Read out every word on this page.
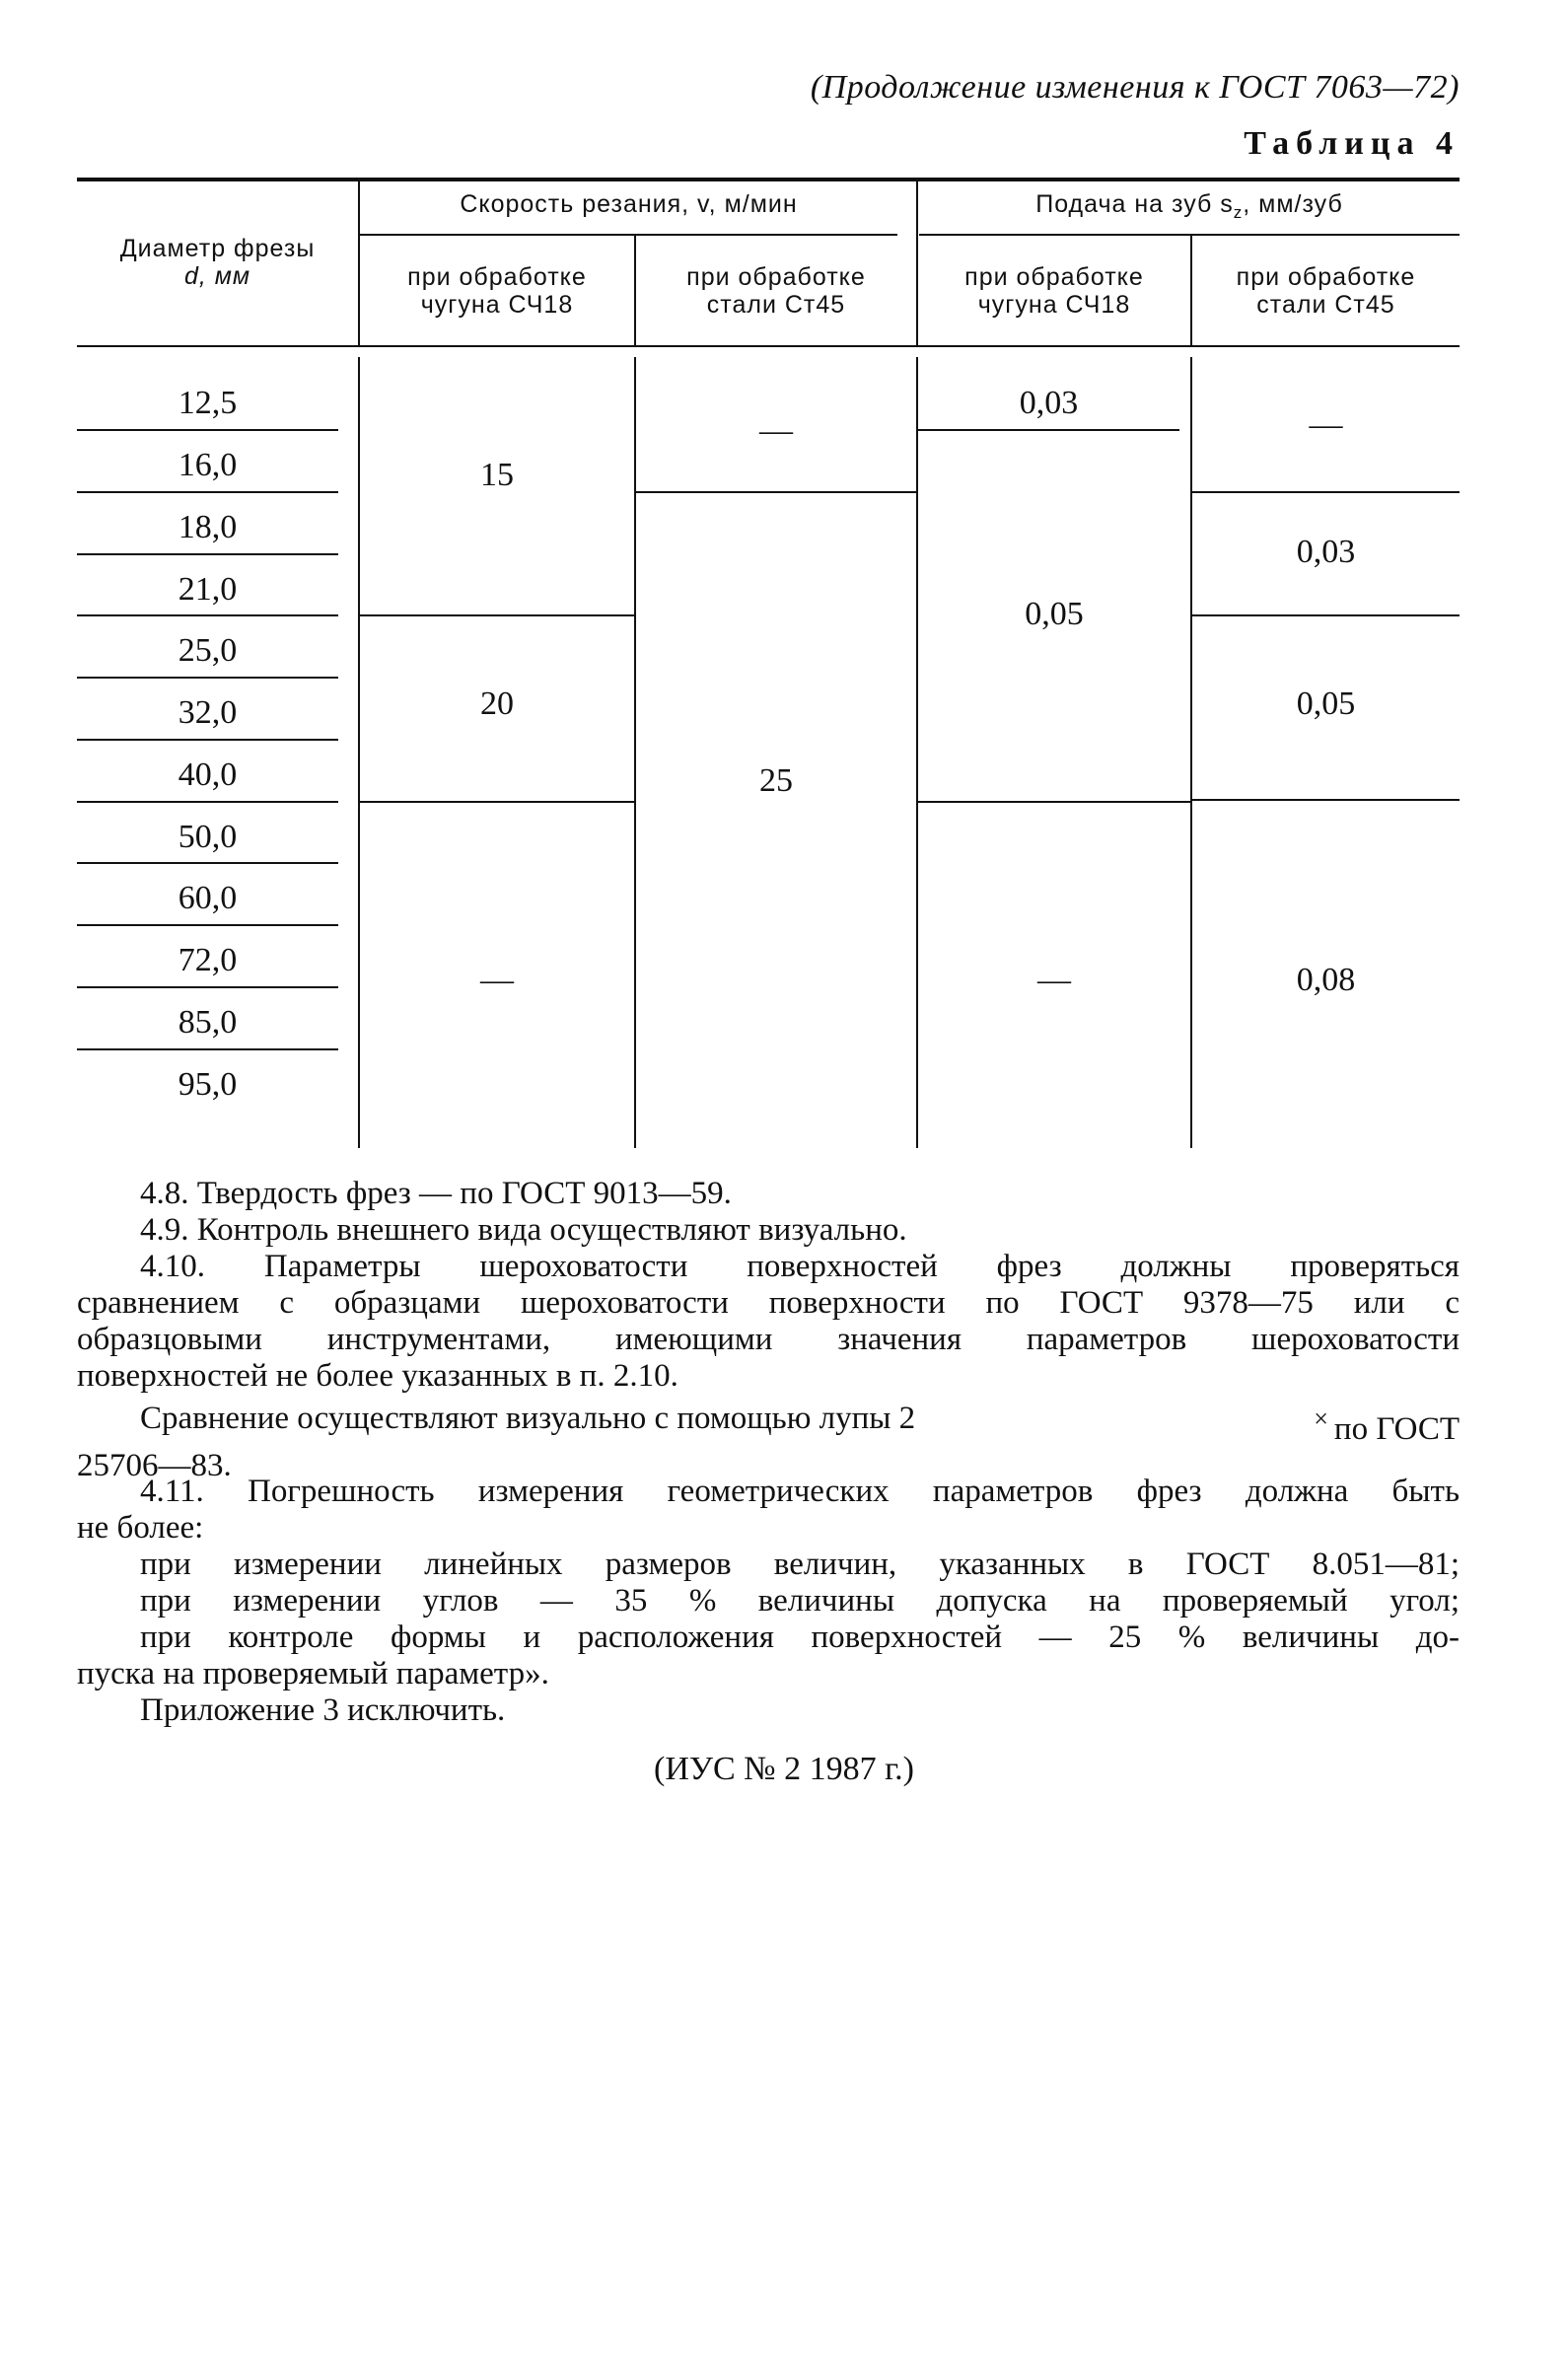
(Продолжение изменения к ГОСТ 7063—72)
Таблица 4
Диаметр фрезы
d, мм
Скорость резания, v, м/мин	Подача на зуб $s_z$, мм/зуб
при обработке
чугуна СЧ18
при обработке
стали Ст45
при обработке
чугуна СЧ18
при обработке
стали Ст45
12,5
16,0
18,0
21,0
25,0
32,0
40,0
50,0
60,0
72,0
85,0
95,0
15
20
—
—
25
0,03
0,05
—
—
0,03
0,05
0,08
4.8. Твердость фрез — по ГОСТ 9013—59.
4.9. Контроль внешнего вида осуществляют визуально.
4.10. Параметры шероховатости поверхностей фрез должны проверяться
сравнением с образцами шероховатости поверхности по ГОСТ 9378—75 или с
образцовыми инструментами, имеющими значения параметров шероховатости
поверхностей не более указанных в п. 2.10.
Сравнение осуществляют визуально с помощью лупы 2	× по ГОСТ
25706—83.
4.11. Погрешность измерения геометрических параметров фрез должна быть
не более:
при измерении линейных размеров величин, указанных в ГОСТ 8.051—81;
при измерении углов — 35 % величины допуска на проверяемый угол;
при контроле формы и расположения поверхностей — 25 % величины до-
пуска на проверяемый параметр».
Приложение 3 исключить.
(ИУС № 2 1987 г.)
